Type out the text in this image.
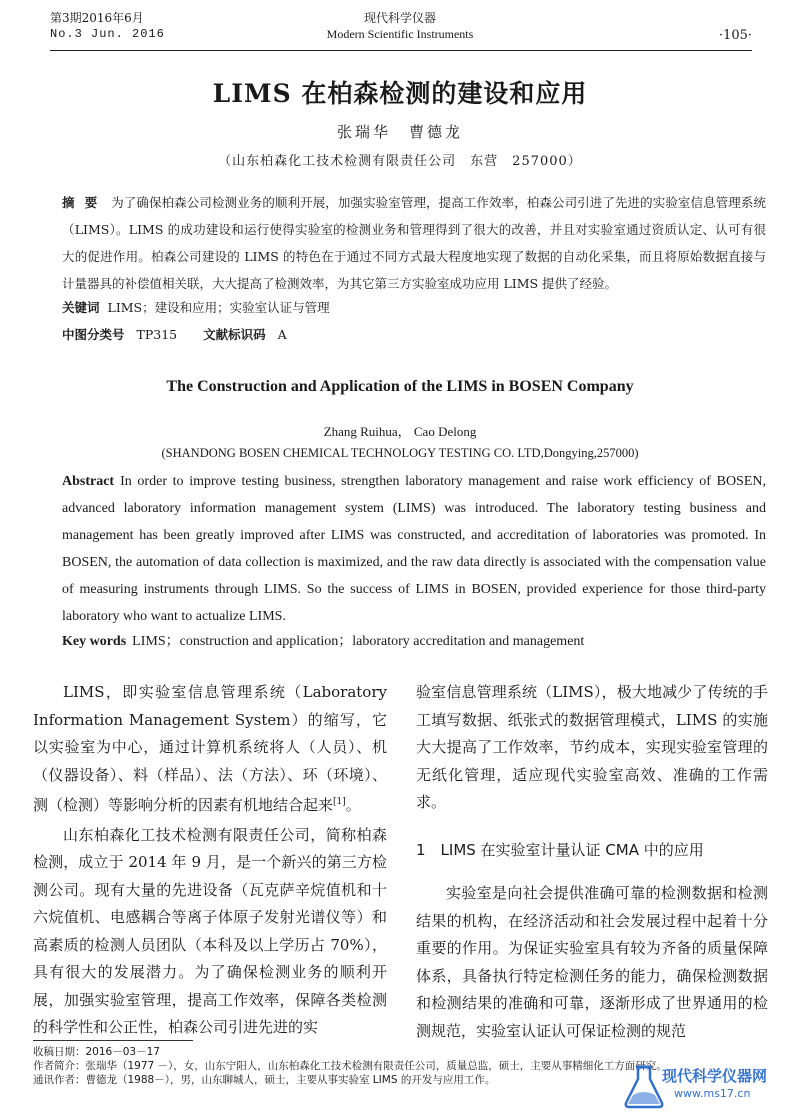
第3期2016年6月
No.3 Jun. 2016
现代科学仪器
Modern Scientific Instruments	·105·
LIMS 在柏森检测的建设和应用
张瑞华　曹德龙
（山东柏森化工技术检测有限责任公司　东营　257000）
摘要 为了确保柏森公司检测业务的顺利开展，加强实验室管理，提高工作效率，柏森公司引进了先进的实验室信息管理系统（LIMS）。LIMS 的成功建设和运行使得实验室的检测业务和管理得到了很大的改善，并且对实验室通过资质认定、认可有很大的促进作用。柏森公司建设的 LIMS 的特色在于通过不同方式最大程度地实现了数据的自动化采集，而且将原始数据直接与计量器具的补偿值相关联，大大提高了检测效率，为其它第三方实验室成功应用 LIMS 提供了经验。
关键词 LIMS；建设和应用；实验室认证与管理
中图分类号 TP315 文献标识码 A
The Construction and Application of the LIMS in BOSEN Company
Zhang Ruihua， Cao Delong
(SHANDONG BOSEN CHEMICAL TECHNOLOGY TESTING CO. LTD,Dongying,257000)
Abstract In order to improve testing business, strengthen laboratory management and raise work efficiency of BOSEN, advanced laboratory information management system (LIMS) was introduced. The laboratory testing business and management has been greatly improved after LIMS was constructed, and accreditation of laboratories was promoted. In BOSEN, the automation of data collection is maximized, and the raw data directly is associated with the compensation value of measuring instruments through LIMS. So the success of LIMS in BOSEN, provided experience for those third-party laboratory who want to actualize LIMS.
Key words LIMS；construction and application；laboratory accreditation and management

LIMS，即实验室信息管理系统（Laboratory Information Management System）的缩写，它以实验室为中心，通过计算机系统将人（人员）、机（仪器设备）、料（样品）、法（方法）、环（环境）、测（检测）等影响分析的因素有机地结合起来[1]。

山东柏森化工技术检测有限责任公司，简称柏森检测，成立于 2014 年 9 月，是一个新兴的第三方检测公司。现有大量的先进设备（瓦克萨辛烷值机和十六烷值机、电感耦合等离子体原子发射光谱仪等）和高素质的检测人员团队（本科及以上学历占 70%），具有很大的发展潜力。为了确保检测业务的顺利开展，加强实验室管理，提高工作效率，保障各类检测的科学性和公正性，柏森公司引进先进的实

验室信息管理系统（LIMS），极大地减少了传统的手工填写数据、纸张式的数据管理模式，LIMS 的实施大大提高了工作效率，节约成本，实现实验室管理的无纸化管理，适应现代实验室高效、准确的工作需求。

1　LIMS 在实验室计量认证 CMA 中的应用

实验室是向社会提供准确可靠的检测数据和检测结果的机构，在经济活动和社会发展过程中起着十分重要的作用。为保证实验室具有较为齐备的质量保障体系，具备执行特定检测任务的能力，确保检测数据和检测结果的准确和可靠，逐渐形成了世界通用的检测规范，实验室认证认可保证检测的规范

收稿日期：2016－03－17
作者简介：张瑞华（1977 －），女，山东宁阳人，山东柏森化工技术检测有限责任公司，质量总监，硕士，主要从事精细化工方面研究。
通讯作者：曹德龙（1988－），男，山东聊城人，硕士，主要从事实验室 LIMS 的开发与应用工作。	现代科学仪器网
www.ms17.cn
